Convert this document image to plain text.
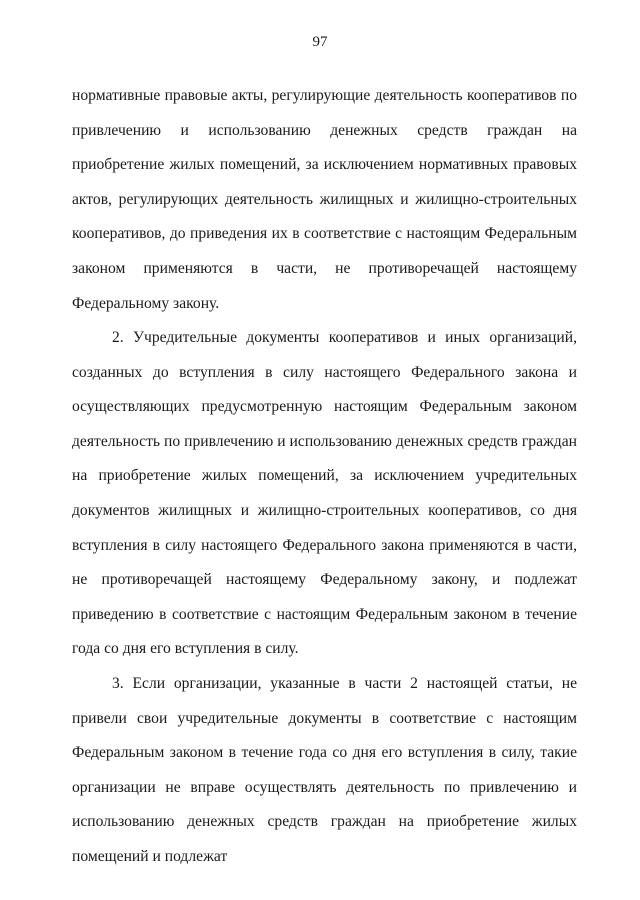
97

нормативные правовые акты, регулирующие деятельность кооперативов по привлечению и использованию денежных средств граждан на приобретение жилых помещений, за исключением нормативных правовых актов, регулирующих деятельность жилищных и жилищно-строительных кооперативов, до приведения их в соответствие с настоящим Федеральным законом применяются в части, не противоречащей настоящему Федеральному закону.

2. Учредительные документы кооперативов и иных организаций, созданных до вступления в силу настоящего Федерального закона и осуществляющих предусмотренную настоящим Федеральным законом деятельность по привлечению и использованию денежных средств граждан на приобретение жилых помещений, за исключением учредительных документов жилищных и жилищно-строительных кооперативов, со дня вступления в силу настоящего Федерального закона применяются в части, не противоречащей настоящему Федеральному закону, и подлежат приведению в соответствие с настоящим Федеральным законом в течение года со дня его вступления в силу.

3. Если организации, указанные в части 2 настоящей статьи, не привели свои учредительные документы в соответствие с настоящим Федеральным законом в течение года со дня его вступления в силу, такие организации не вправе осуществлять деятельность по привлечению и использованию денежных средств граждан на приобретение жилых помещений и подлежат
